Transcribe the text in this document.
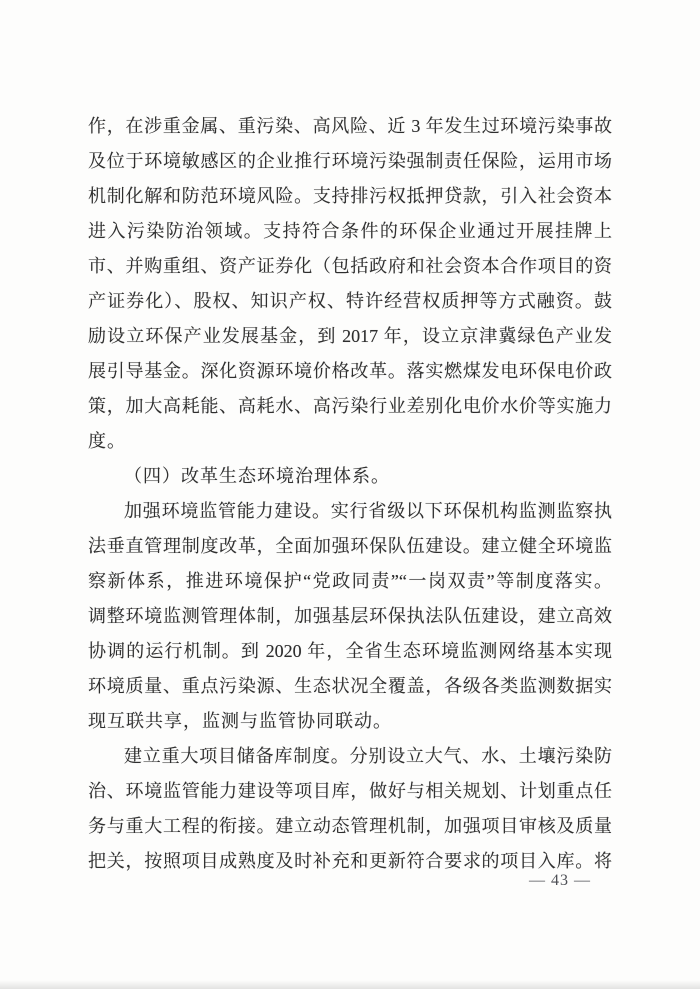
作，在涉重金属、重污染、高风险、近 3 年发生过环境污染事故
及位于环境敏感区的企业推行环境污染强制责任保险，运用市场
机制化解和防范环境风险。支持排污权抵押贷款，引入社会资本
进入污染防治领域。支持符合条件的环保企业通过开展挂牌上
市、并购重组、资产证券化（包括政府和社会资本合作项目的资
产证券化）、股权、知识产权、特许经营权质押等方式融资。鼓
励设立环保产业发展基金，到 2017 年，设立京津冀绿色产业发
展引导基金。深化资源环境价格改革。落实燃煤发电环保电价政
策，加大高耗能、高耗水、高污染行业差别化电价水价等实施力
度。
（四）改革生态环境治理体系。
加强环境监管能力建设。实行省级以下环保机构监测监察执
法垂直管理制度改革，全面加强环保队伍建设。建立健全环境监
察新体系，推进环境保护“党政同责”“一岗双责”等制度落实。
调整环境监测管理体制，加强基层环保执法队伍建设，建立高效
协调的运行机制。到 2020 年，全省生态环境监测网络基本实现
环境质量、重点污染源、生态状况全覆盖，各级各类监测数据实
现互联共享，监测与监管协同联动。
建立重大项目储备库制度。分别设立大气、水、土壤污染防
治、环境监管能力建设等项目库，做好与相关规划、计划重点任
务与重大工程的衔接。建立动态管理机制，加强项目审核及质量
把关，按照项目成熟度及时补充和更新符合要求的项目入库。将
— 43 —
